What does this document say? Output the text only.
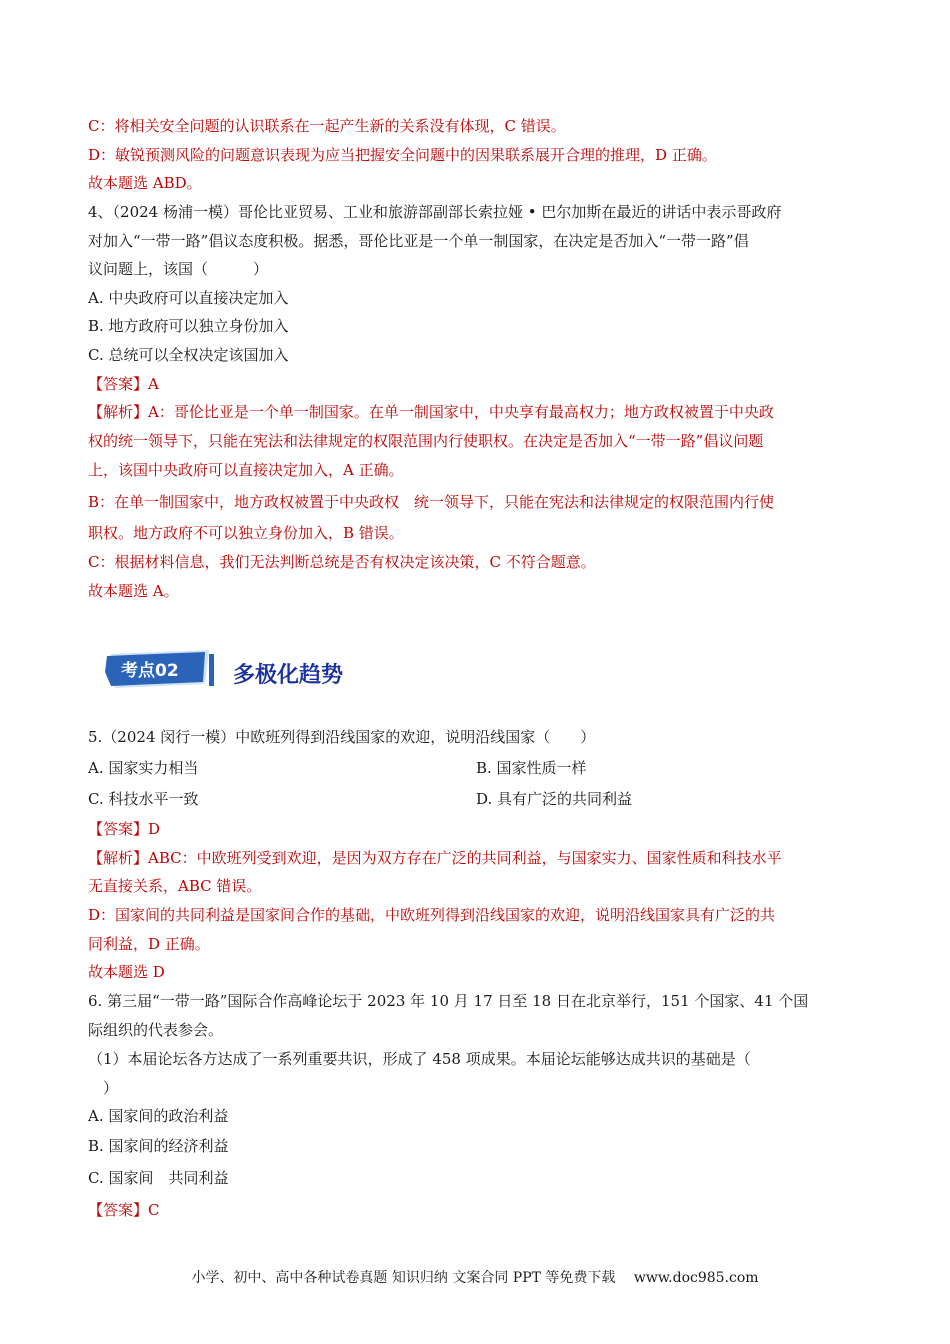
C：将相关安全问题的认识联系在一起产生新的关系没有体现，C 错误。
D：敏锐预测风险的问题意识表现为应当把握安全问题中的因果联系展开合理的推理，D 正确。
故本题选 ABD。
4、（2024 杨浦一模）哥伦比亚贸易、工业和旅游部副部长索拉娅 • 巴尔加斯在最近的讲话中表示哥政府
对加入“一带一路”倡议态度积极。据悉，哥伦比亚是一个单一制国家，在决定是否加入“一带一路”倡
议问题上，该国（　　　）
A. 中央政府可以直接决定加入
B. 地方政府可以独立身份加入
C. 总统可以全权决定该国加入
【答案】A
【解析】A：哥伦比亚是一个单一制国家。在单一制国家中，中央享有最高权力；地方政权被置于中央政
权的统一领导下，只能在宪法和法律规定的权限范围内行使职权。在决定是否加入“一带一路”倡议问题
上，该国中央政府可以直接决定加入，A 正确。
B：在单一制国家中，地方政权被置于中央政权　统一领导下，只能在宪法和法律规定的权限范围内行使
职权。地方政府不可以独立身份加入，B 错误。
C：根据材料信息，我们无法判断总统是否有权决定该决策，C 不符合题意。
故本题选 A。
5.（2024 闵行一模）中欧班列得到沿线国家的欢迎，说明沿线国家（　　）
A. 国家实力相当	B. 国家性质一样
C. 科技水平一致	D. 具有广泛的共同利益
【答案】D
【解析】ABC：中欧班列受到欢迎，是因为双方存在广泛的共同利益，与国家实力、国家性质和科技水平
无直接关系，ABC 错误。
D：国家间的共同利益是国家间合作的基础，中欧班列得到沿线国家的欢迎，说明沿线国家具有广泛的共
同利益，D 正确。
故本题选 D
6. 第三届“一带一路”国际合作高峰论坛于 2023 年 10 月 17 日至 18 日在北京举行，151 个国家、41 个国
际组织的代表参会。
（1）本届论坛各方达成了一系列重要共识，形成了 458 项成果。本届论坛能够达成共识的基础是（
　）
A. 国家间的政治利益
B. 国家间的经济利益
C. 国家间　共同利益
【答案】C
考点02 多极化趋势
小学、初中、高中各种试卷真题 知识归纳 文案合同 PPT 等免费下载　 www.doc985.com
